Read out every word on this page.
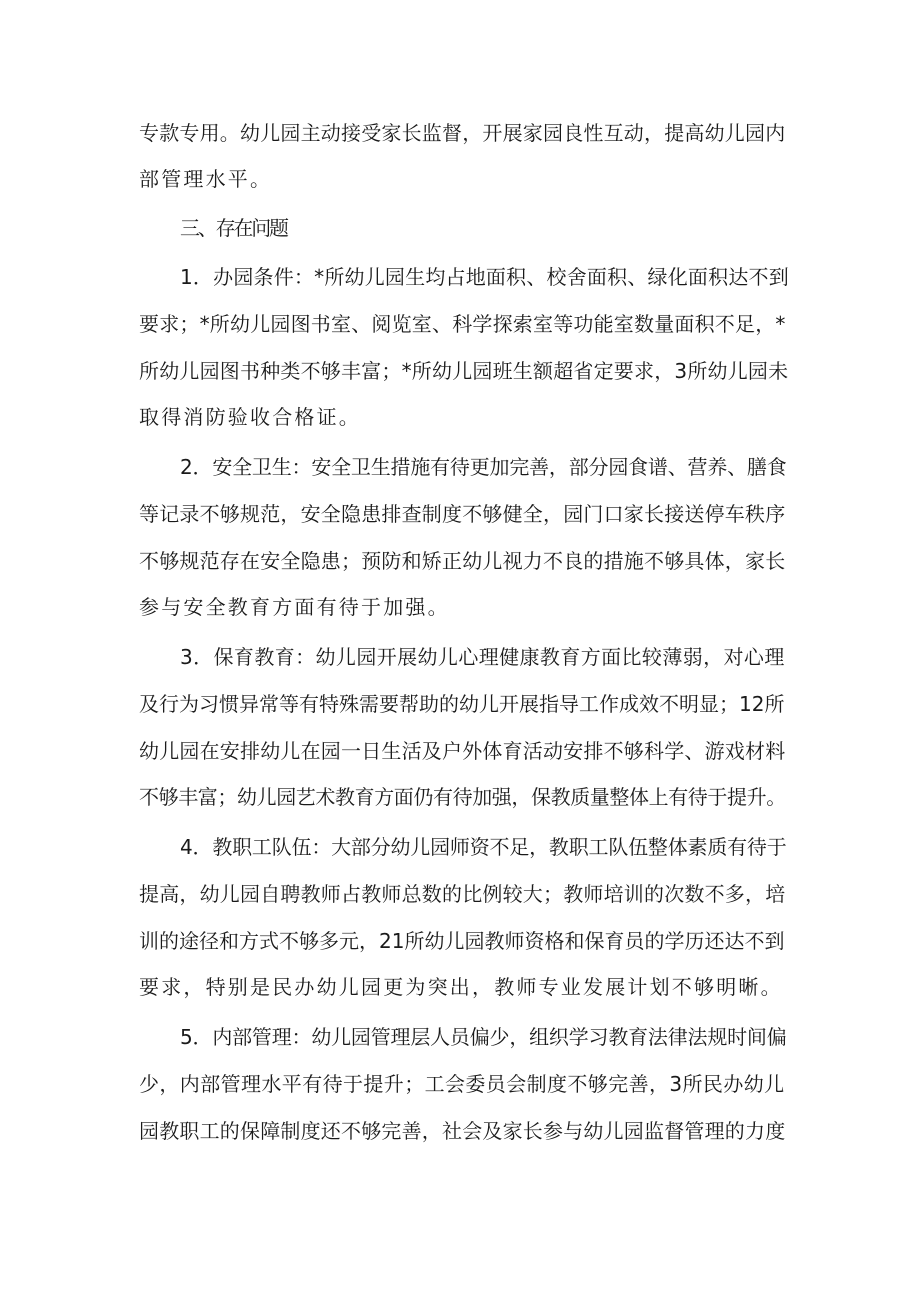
专款专用。幼儿园主动接受家长监督，开展家园良性互动，提高幼儿园内
部管理水平。
三、存在问题
1．办园条件：*所幼儿园生均占地面积、校舍面积、绿化面积达不到
要求；*所幼儿园图书室、阅览室、科学探索室等功能室数量面积不足，*
所幼儿园图书种类不够丰富；*所幼儿园班生额超省定要求，3所幼儿园未
取得消防验收合格证。
2．安全卫生：安全卫生措施有待更加完善，部分园食谱、营养、膳食
等记录不够规范，安全隐患排查制度不够健全，园门口家长接送停车秩序
不够规范存在安全隐患；预防和矫正幼儿视力不良的措施不够具体，家长
参与安全教育方面有待于加强。
3．保育教育：幼儿园开展幼儿心理健康教育方面比较薄弱，对心理
及行为习惯异常等有特殊需要帮助的幼儿开展指导工作成效不明显；12所
幼儿园在安排幼儿在园一日生活及户外体育活动安排不够科学、游戏材料
不够丰富；幼儿园艺术教育方面仍有待加强，保教质量整体上有待于提升。
4．教职工队伍：大部分幼儿园师资不足，教职工队伍整体素质有待于
提高，幼儿园自聘教师占教师总数的比例较大；教师培训的次数不多，培
训的途径和方式不够多元，21所幼儿园教师资格和保育员的学历还达不到
要求，特别是民办幼儿园更为突出，教师专业发展计划不够明晰。
5．内部管理：幼儿园管理层人员偏少，组织学习教育法律法规时间偏
少，内部管理水平有待于提升；工会委员会制度不够完善，3所民办幼儿
园教职工的保障制度还不够完善，社会及家长参与幼儿园监督管理的力度
